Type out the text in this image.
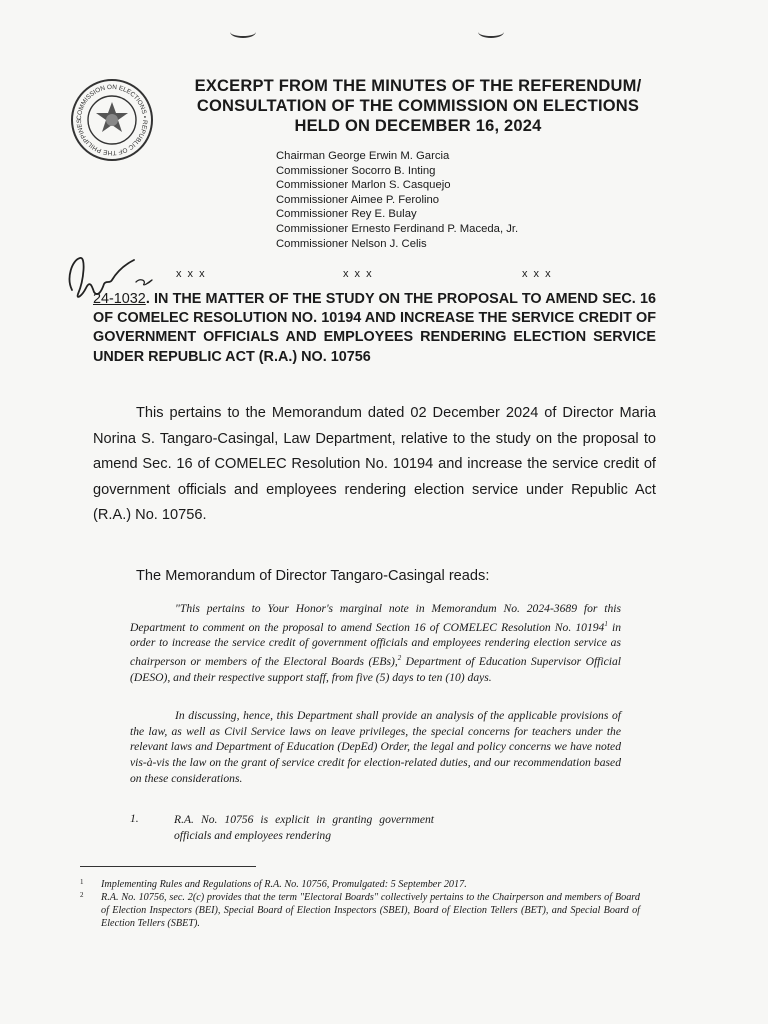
COMMISSION ON ELECTIONS • REPUBLIC OF THE PHILIPPINES
EXCERPT FROM THE MINUTES OF THE REFERENDUM/
CONSULTATION OF THE COMMISSION ON ELECTIONS
HELD ON DECEMBER 16, 2024
Chairman George Erwin M. Garcia
Commissioner Socorro B. Inting
Commissioner Marlon S. Casquejo
Commissioner Aimee P. Ferolino
Commissioner Rey E. Bulay
Commissioner Ernesto Ferdinand P. Maceda, Jr.
Commissioner Nelson J. Celis
x x x	x x x	x x x
24-1032. IN THE MATTER OF THE STUDY ON THE PROPOSAL TO AMEND SEC. 16 OF COMELEC RESOLUTION NO. 10194 AND INCREASE THE SERVICE CREDIT OF GOVERNMENT OFFICIALS AND EMPLOYEES RENDERING ELECTION SERVICE UNDER REPUBLIC ACT (R.A.) NO. 10756
This pertains to the Memorandum dated 02 December 2024 of Director Maria Norina S. Tangaro-Casingal, Law Department, relative to the study on the proposal to amend Sec. 16 of COMELEC Resolution No. 10194 and increase the service credit of government officials and employees rendering election service under Republic Act (R.A.) No. 10756.
The Memorandum of Director Tangaro-Casingal reads:
"This pertains to Your Honor's marginal note in Memorandum No. 2024-3689 for this Department to comment on the proposal to amend Section 16 of COMELEC Resolution No. 10194$^1$ in order to increase the service credit of government officials and employees rendering election service as chairperson or members of the Electoral Boards (EBs),$^2$ Department of Education Supervisor Official (DESO), and their respective support staff, from five (5) days to ten (10) days.
In discussing, hence, this Department shall provide an analysis of the applicable provisions of the law, as well as Civil Service laws on leave privileges, the special concerns for teachers under the relevant laws and Department of Education (DepEd) Order, the legal and policy concerns we have noted vis-à-vis the law on the grant of service credit for election-related duties, and our recommendation based on these considerations.
1.	R.A. No. 10756 is explicit in granting government officials and employees rendering
1 Implementing Rules and Regulations of R.A. No. 10756, Promulgated: 5 September 2017.
2 R.A. No. 10756, sec. 2(c) provides that the term "Electoral Boards" collectively pertains to the Chairperson and members of Board of Election Inspectors (BEI), Special Board of Election Inspectors (SBEI), Board of Election Tellers (BET), and Special Board of Election Tellers (SBET).
